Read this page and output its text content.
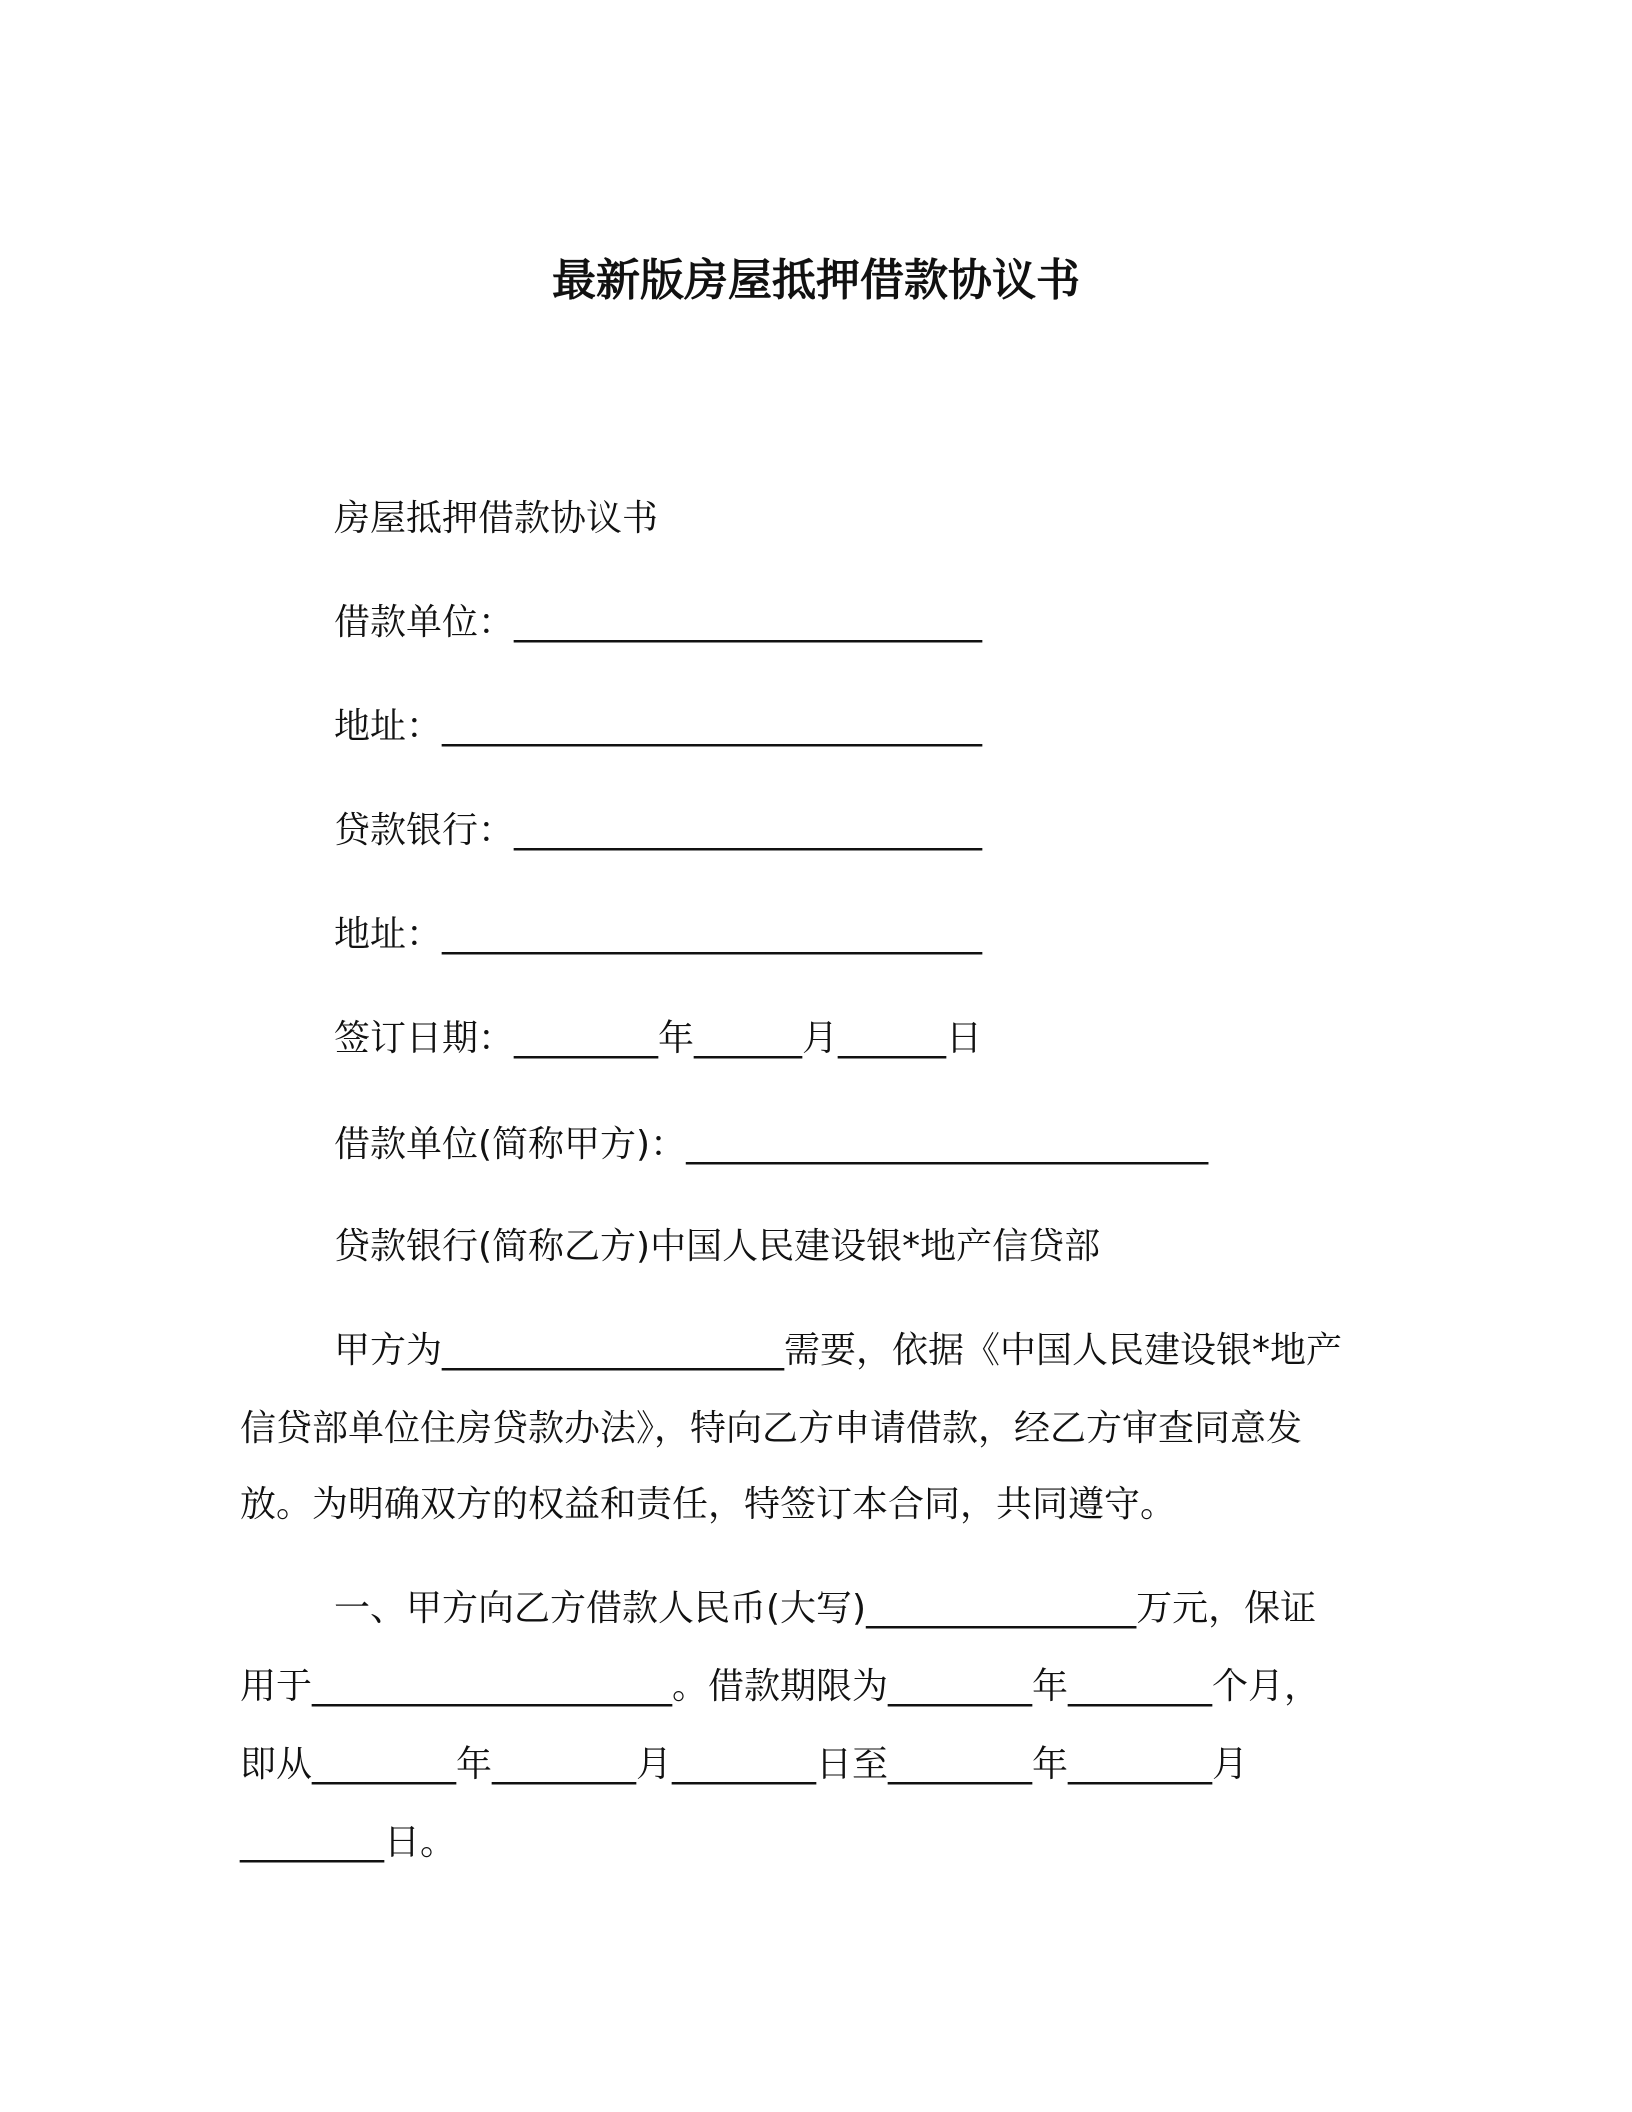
最新版房屋抵押借款协议书

房屋抵押借款协议书

借款单位：__________________________

地址：______________________________

贷款银行：__________________________

地址：______________________________

签订日期：________年______月______日

借款单位(简称甲方)：_____________________________

贷款银行(简称乙方)中国人民建设银*地产信贷部

甲方为___________________需要，依据《中国人民建设银*地产

信贷部单位住房贷款办法》，特向乙方申请借款，经乙方审查同意发

放。为明确双方的权益和责任，特签订本合同，共同遵守。

一、甲方向乙方借款人民币(大写)_______________万元，保证

用于____________________。借款期限为________年________个月，

即从________年________月________日至________年________月

________日。
